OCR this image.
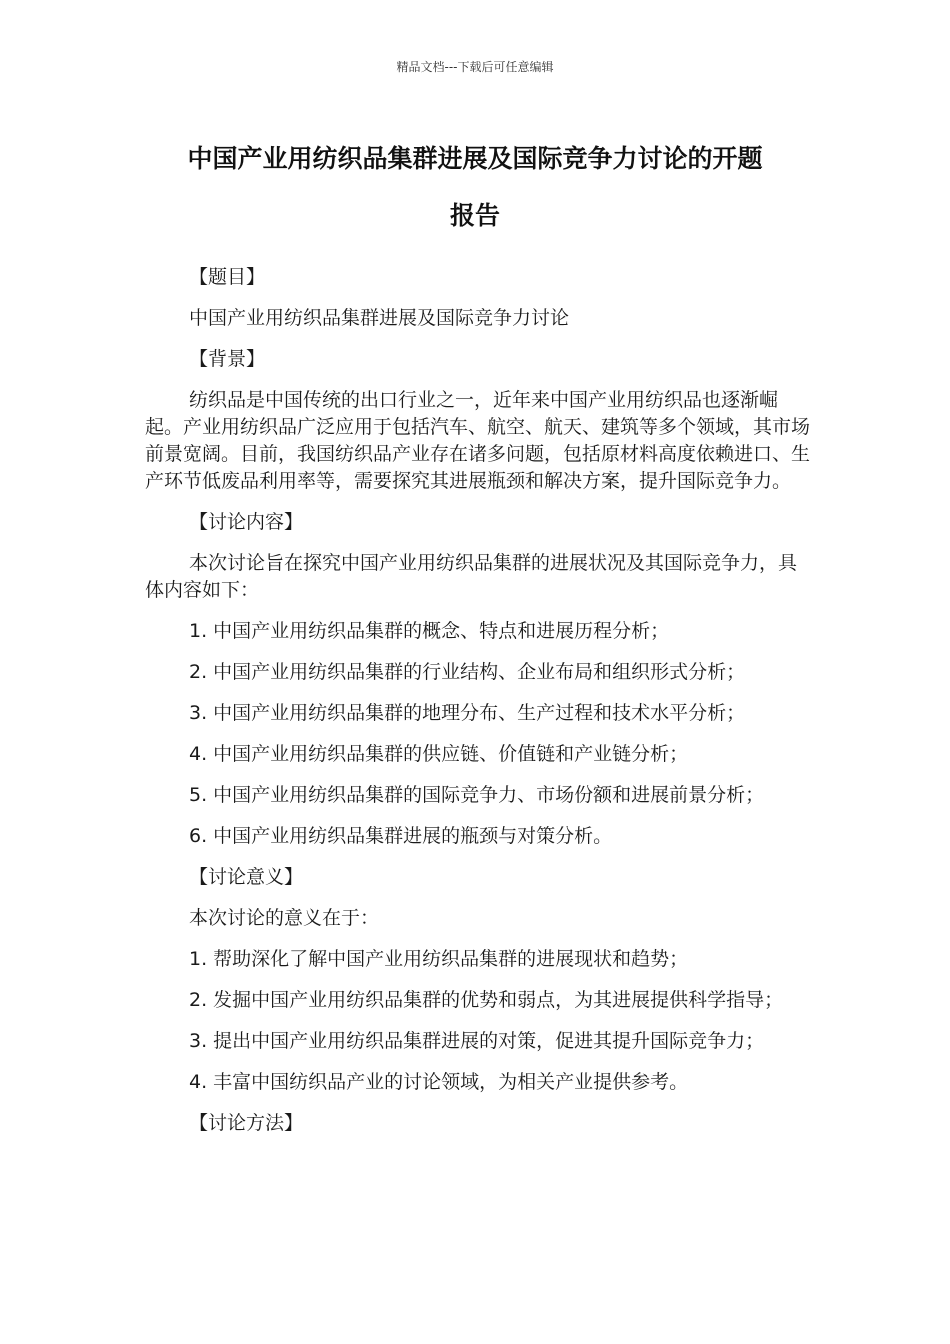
精品文档---下载后可任意编辑
中国产业用纺织品集群进展及国际竞争力讨论的开题
报告

【题目】

中国产业用纺织品集群进展及国际竞争力讨论

【背景】

纺织品是中国传统的出口行业之一，近年来中国产业用纺织品也逐渐崛起。产业用纺织品广泛应用于包括汽车、航空、航天、建筑等多个领域，其市场前景宽阔。目前，我国纺织品产业存在诸多问题，包括原材料高度依赖进口、生产环节低废品利用率等，需要探究其进展瓶颈和解决方案，提升国际竞争力。

【讨论内容】

本次讨论旨在探究中国产业用纺织品集群的进展状况及其国际竞争力，具体内容如下：

1. 中国产业用纺织品集群的概念、特点和进展历程分析；

2. 中国产业用纺织品集群的行业结构、企业布局和组织形式分析；

3. 中国产业用纺织品集群的地理分布、生产过程和技术水平分析；

4. 中国产业用纺织品集群的供应链、价值链和产业链分析；

5. 中国产业用纺织品集群的国际竞争力、市场份额和进展前景分析；

6. 中国产业用纺织品集群进展的瓶颈与对策分析。

【讨论意义】

本次讨论的意义在于：

1. 帮助深化了解中国产业用纺织品集群的进展现状和趋势；

2. 发掘中国产业用纺织品集群的优势和弱点，为其进展提供科学指导；

3. 提出中国产业用纺织品集群进展的对策，促进其提升国际竞争力；

4. 丰富中国纺织品产业的讨论领域，为相关产业提供参考。

【讨论方法】
